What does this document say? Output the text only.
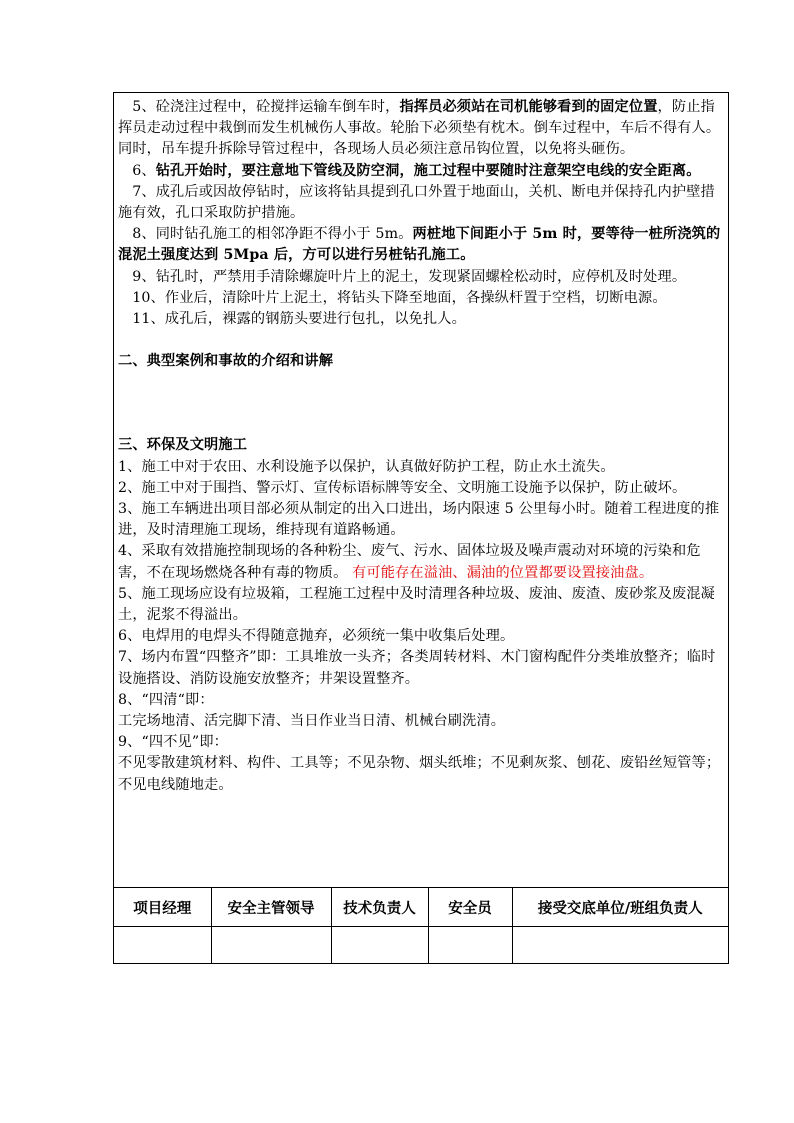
5、砼浇注过程中，砼搅拌运输车倒车时，指挥员必须站在司机能够看到的固定位置，防止指挥员走动过程中栽倒而发生机械伤人事故。轮胎下必须垫有枕木。倒车过程中，车后不得有人。同时，吊车提升拆除导管过程中，各现场人员必须注意吊钩位置，以免将头砸伤。

6、钻孔开始时，要注意地下管线及防空洞，施工过程中要随时注意架空电线的安全距离。

7、成孔后或因故停钻时，应该将钻具提到孔口外置于地面山，关机、断电并保持孔内护壁措施有效，孔口采取防护措施。

8、同时钻孔施工的相邻净距不得小于 5m。两桩地下间距小于 5m 时，要等待一桩所浇筑的混泥土强度达到 5Mpa 后，方可以进行另桩钻孔施工。

9、钻孔时，严禁用手清除螺旋叶片上的泥土，发现紧固螺栓松动时，应停机及时处理。

10、作业后，清除叶片上泥土，将钻头下降至地面，各操纵杆置于空档，切断电源。

11、成孔后，裸露的钢筋头要进行包扎，以免扎人。

二、典型案例和事故的介绍和讲解

三、环保及文明施工

1、施工中对于农田、水利设施予以保护，认真做好防护工程，防止水土流失。

2、施工中对于围挡、警示灯、宣传标语标牌等安全、文明施工设施予以保护，防止破坏。

3、施工车辆进出项目部必须从制定的出入口进出，场内限速 5 公里每小时。随着工程进度的推进，及时清理施工现场，维持现有道路畅通。

4、采取有效措施控制现场的各种粉尘、废气、污水、固体垃圾及噪声震动对环境的污染和危害，不在现场燃烧各种有毒的物质。 有可能存在溢油、漏油的位置都要设置接油盘。

5、施工现场应设有垃圾箱，工程施工过程中及时清理各种垃圾、废油、废渣、废砂浆及废混凝土，泥浆不得溢出。

6、电焊用的电焊头不得随意抛弃，必须统一集中收集后处理。

7、场内布置“四整齐”即：工具堆放一头齐；各类周转材料、木门窗构配件分类堆放整齐；临时设施搭设、消防设施安放整齐；井架设置整齐。

8、“四清“即：

工完场地清、活完脚下清、当日作业当日清、机械台刷洗清。

9、“四不见”即：

不见零散建筑材料、构件、工具等；不见杂物、烟头纸堆；不见剩灰浆、刨花、废铅丝短管等；不见电线随地走。

项目经理	安全主管领导	技术负责人	安全员	接受交底单位/班组负责人
